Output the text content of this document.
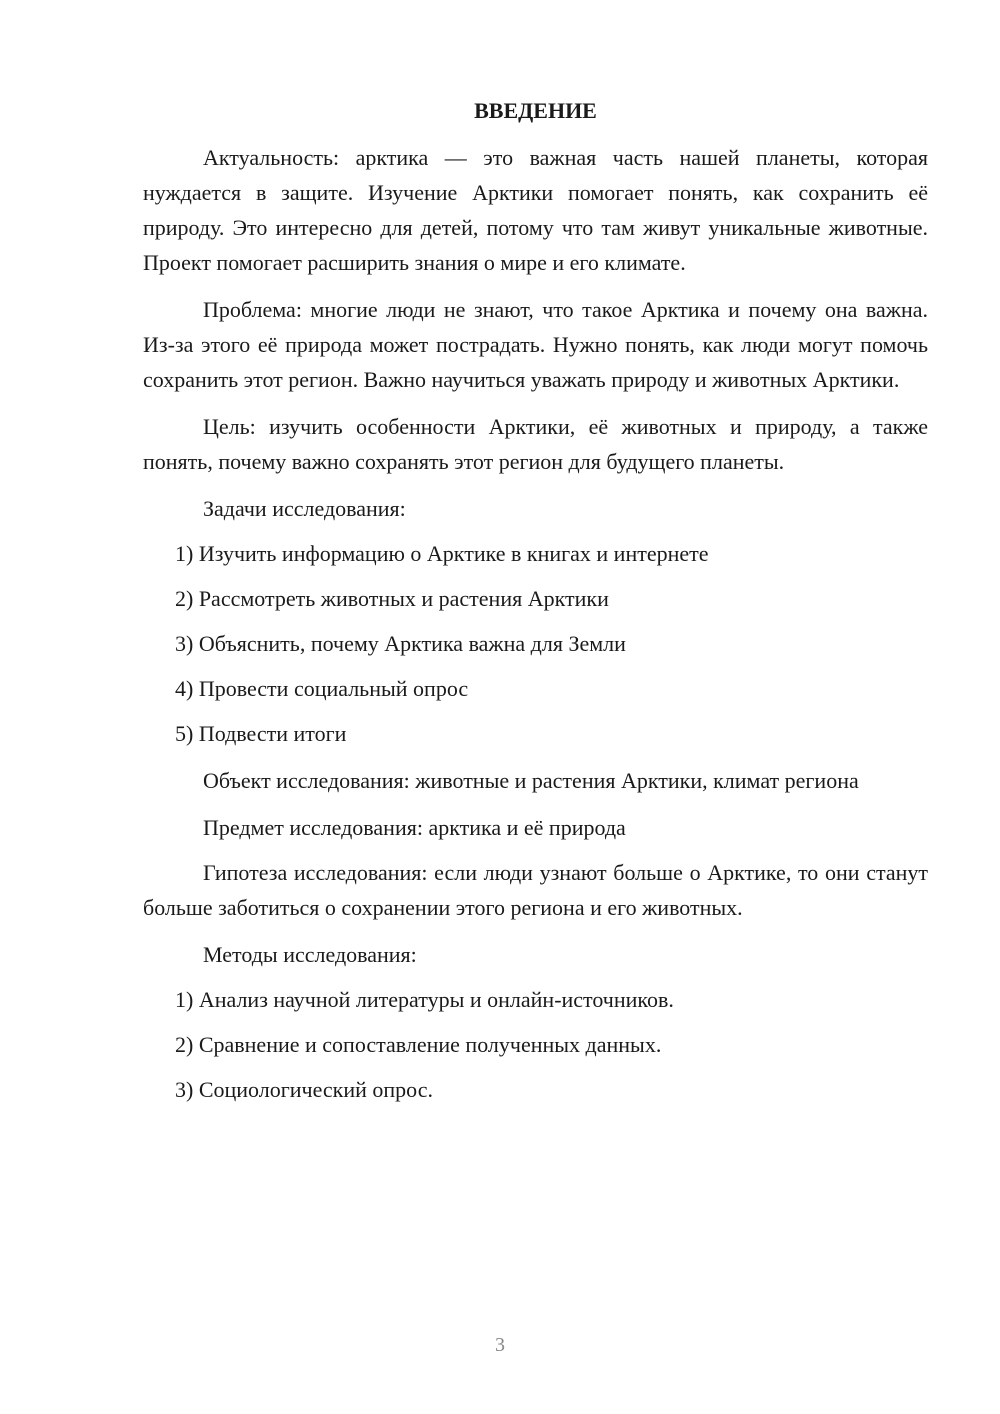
ВВЕДЕНИЕ

Актуальность: арктика — это важная часть нашей планеты, которая нуждается в защите. Изучение Арктики помогает понять, как сохранить её природу. Это интересно для детей, потому что там живут уникальные животные. Проект помогает расширить знания о мире и его климате.

Проблема: многие люди не знают, что такое Арктика и почему она важна. Из-за этого её природа может пострадать. Нужно понять, как люди могут помочь сохранить этот регион. Важно научиться уважать природу и животных Арктики.

Цель: изучить особенности Арктики, её животных и природу, а также понять, почему важно сохранять этот регион для будущего планеты.

Задачи исследования:

1) Изучить информацию о Арктике в книгах и интернете

2) Рассмотреть животных и растения Арктики

3) Объяснить, почему Арктика важна для Земли

4) Провести социальный опрос

5) Подвести итоги

Объект исследования: животные и растения Арктики, климат региона

Предмет исследования: арктика и её природа

Гипотеза исследования: если люди узнают больше о Арктике, то они станут больше заботиться о сохранении этого региона и его животных.

Методы исследования:

1) Анализ научной литературы и онлайн-источников.

2) Сравнение и сопоставление полученных данных.

3) Социологический опрос.

3
